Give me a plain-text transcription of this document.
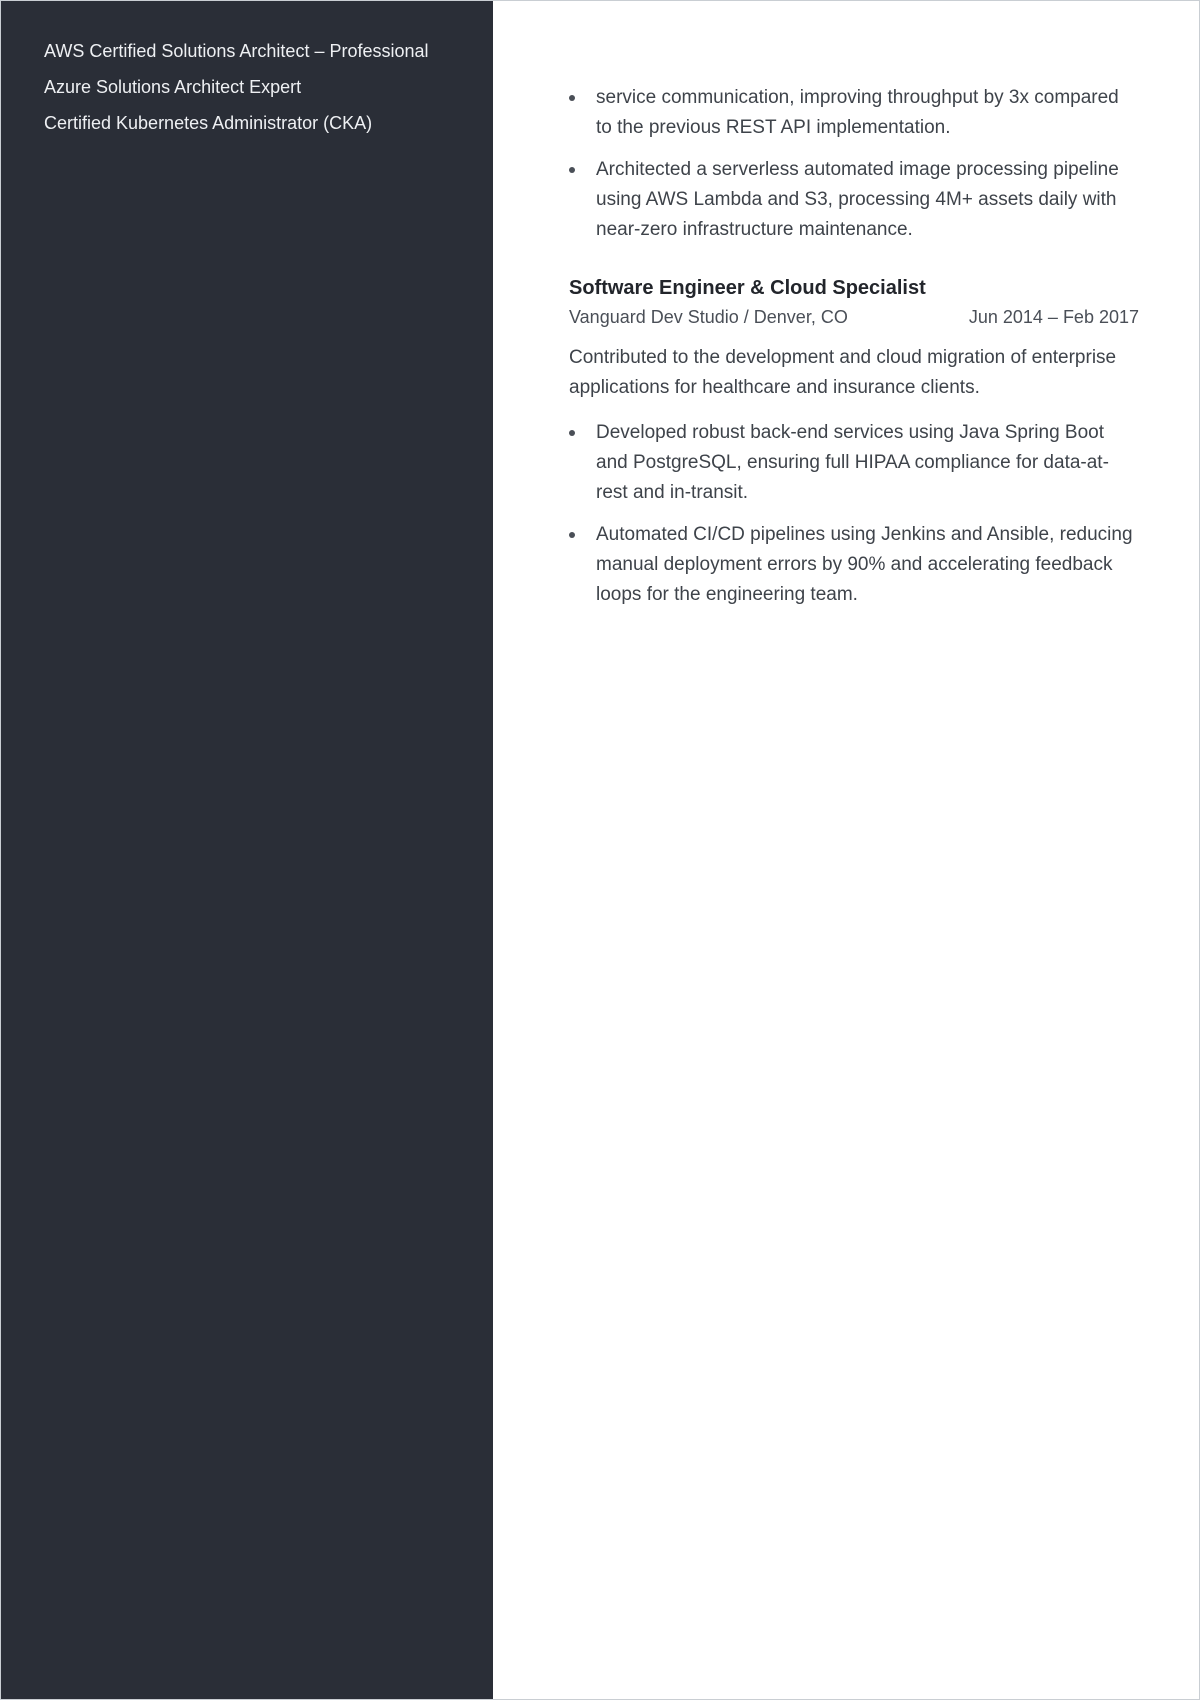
AWS Certified Solutions Architect – Professional
Azure Solutions Architect Expert
Certified Kubernetes Administrator (CKA)
service communication, improving throughput by 3x compared to the previous REST API implementation.
Architected a serverless automated image processing pipeline using AWS Lambda and S3, processing 4M+ assets daily with near-zero infrastructure maintenance.
Software Engineer & Cloud Specialist
Vanguard Dev Studio / Denver, CO	Jun 2014 – Feb 2017

Contributed to the development and cloud migration of enterprise applications for healthcare and insurance clients.

Developed robust back-end services using Java Spring Boot and PostgreSQL, ensuring full HIPAA compliance for data-at-rest and in-transit.
Automated CI/CD pipelines using Jenkins and Ansible, reducing manual deployment errors by 90% and accelerating feedback loops for the engineering team.
